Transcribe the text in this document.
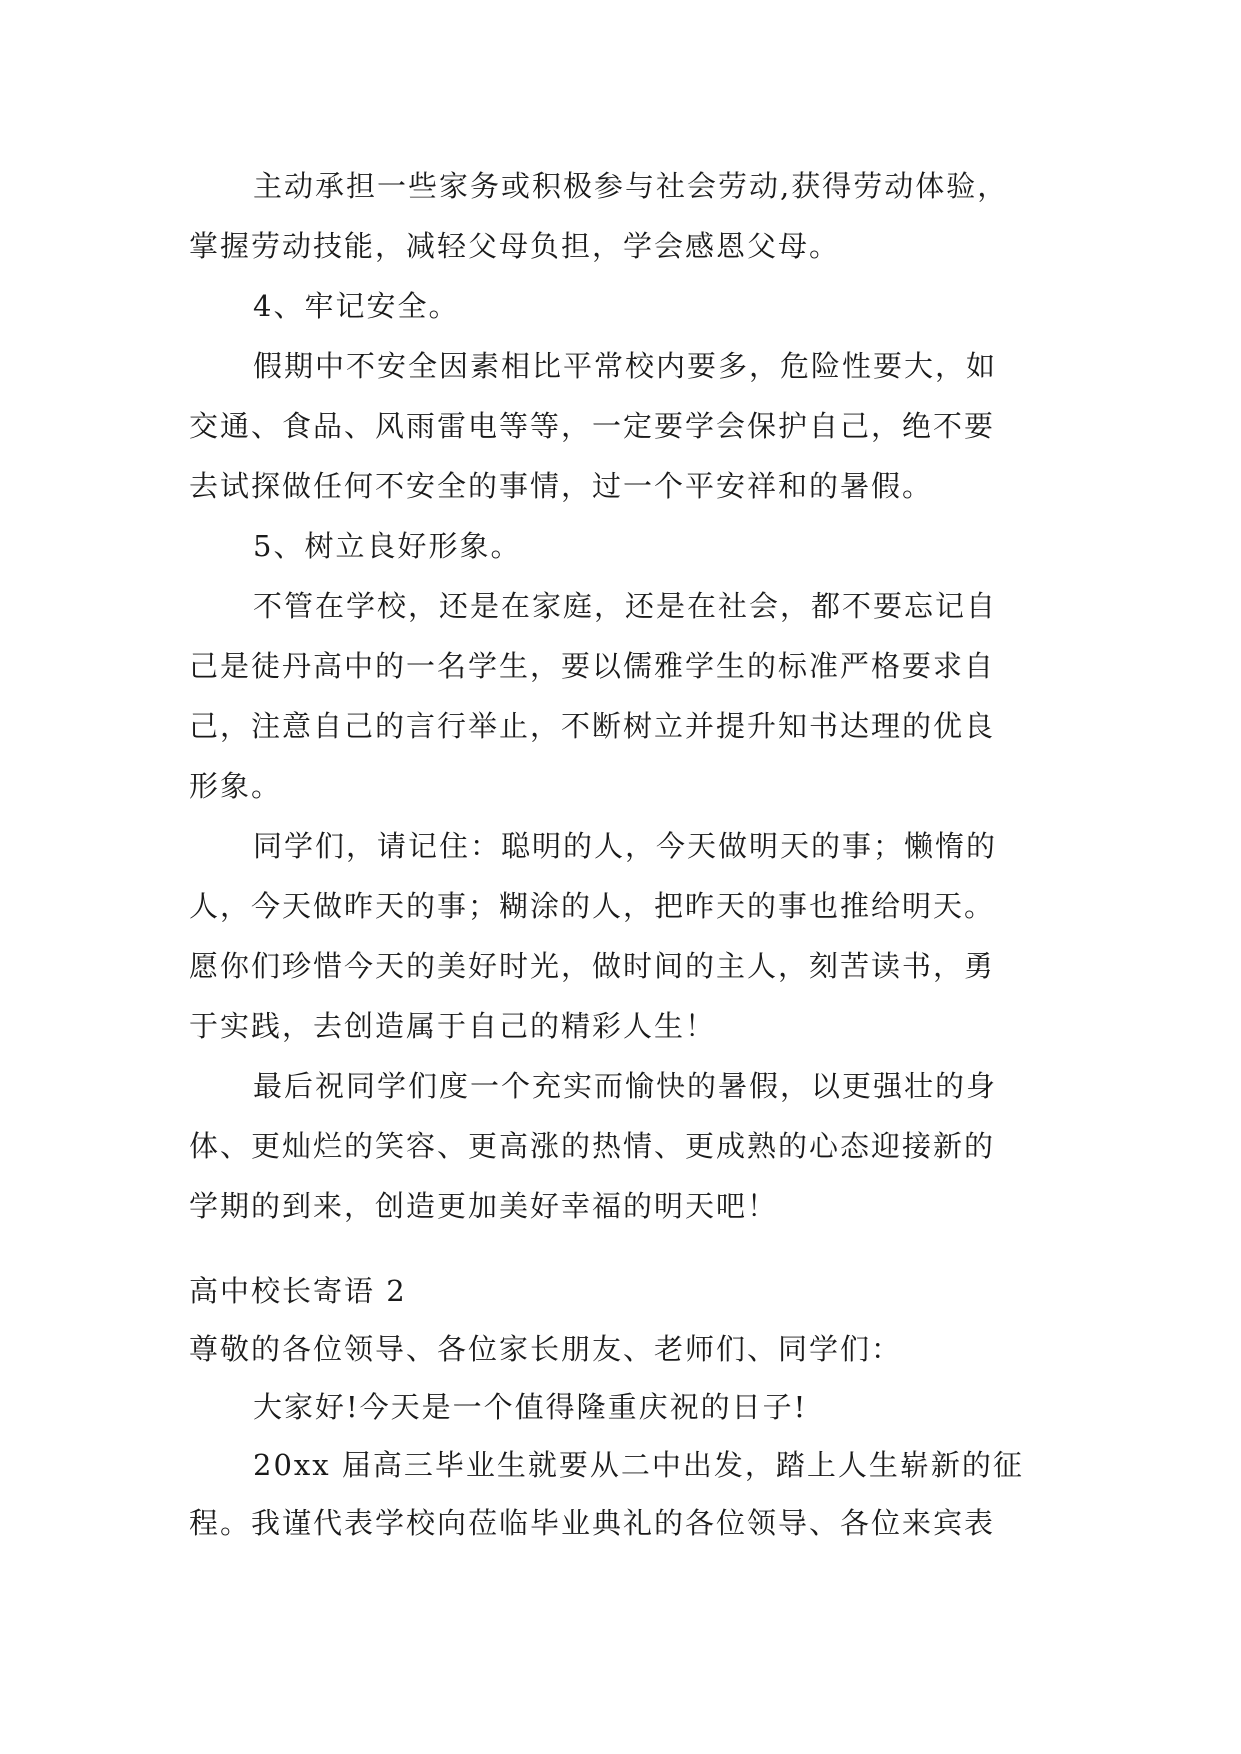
主动承担一些家务或积极参与社会劳动,获得劳动体验，
掌握劳动技能，减轻父母负担，学会感恩父母。
4、牢记安全。
假期中不安全因素相比平常校内要多，危险性要大，如
交通、食品、风雨雷电等等，一定要学会保护自己，绝不要
去试探做任何不安全的事情，过一个平安祥和的暑假。
5、树立良好形象。
不管在学校，还是在家庭，还是在社会，都不要忘记自
己是徒丹高中的一名学生，要以儒雅学生的标准严格要求自
己，注意自己的言行举止，不断树立并提升知书达理的优良
形象。
同学们，请记住：聪明的人，今天做明天的事；懒惰的
人，今天做昨天的事；糊涂的人，把昨天的事也推给明天。
愿你们珍惜今天的美好时光，做时间的主人，刻苦读书，勇
于实践，去创造属于自己的精彩人生！
最后祝同学们度一个充实而愉快的暑假，以更强壮的身
体、更灿烂的笑容、更高涨的热情、更成熟的心态迎接新的
学期的到来，创造更加美好幸福的明天吧！
高中校长寄语 2
尊敬的各位领导、各位家长朋友、老师们、同学们：
大家好!今天是一个值得隆重庆祝的日子!
20xx 届高三毕业生就要从二中出发，踏上人生崭新的征
程。我谨代表学校向莅临毕业典礼的各位领导、各位来宾表
